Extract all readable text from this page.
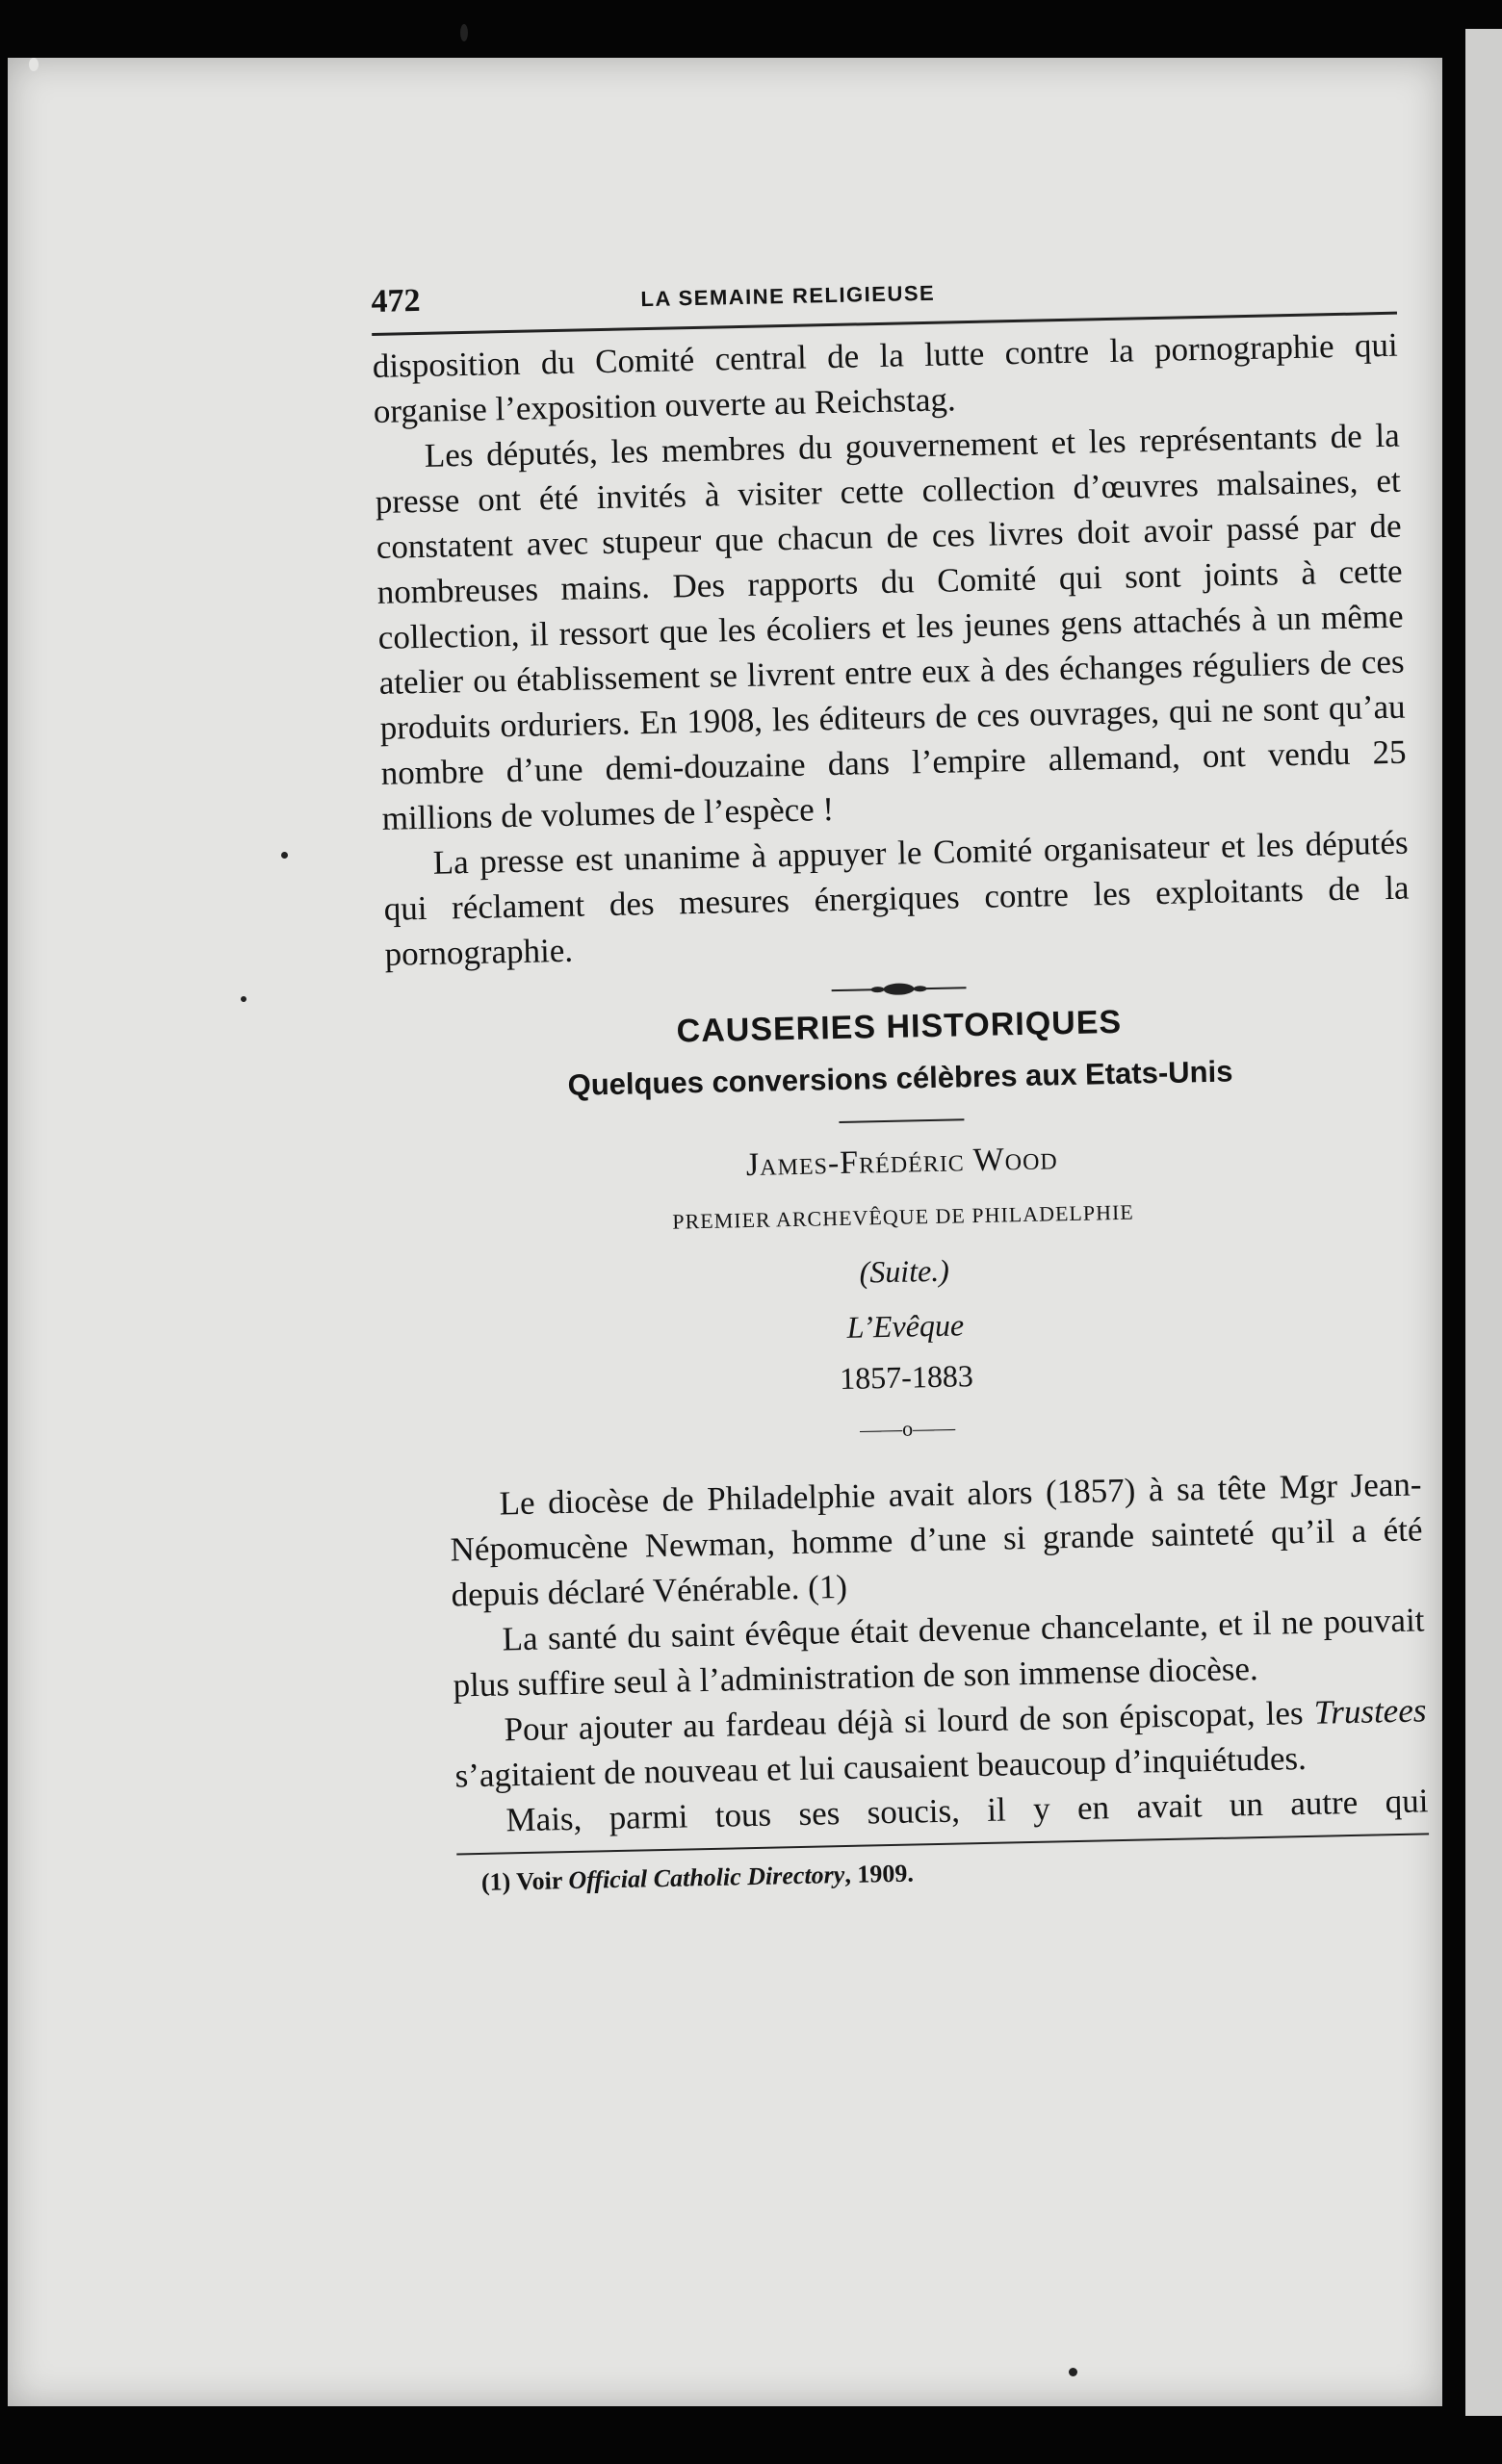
472	LA SEMAINE RELIGIEUSE

disposition du Comité central de la lutte contre la pornographie qui organise l’exposition ouverte au Reichstag.

Les députés, les membres du gouvernement et les représentants de la presse ont été invités à visiter cette collection d’œuvres malsaines, et constatent avec stupeur que chacun de ces livres doit avoir passé par de nombreuses mains. Des rapports du Comité qui sont joints à cette collection, il ressort que les écoliers et les jeunes gens attachés à un même atelier ou établissement se livrent entre eux à des échanges réguliers de ces produits orduriers. En 1908, les éditeurs de ces ouvrages, qui ne sont qu’au nombre d’une demi-douzaine dans l’empire allemand, ont vendu 25 millions de volumes de l’espèce !

La presse est unanime à appuyer le Comité organisateur et les députés qui réclament des mesures énergiques contre les exploitants de la pornographie.

CAUSERIES HISTORIQUES
Quelques conversions célèbres aux Etats-Unis
James-Frédéric Wood
PREMIER ARCHEVÊQUE DE PHILADELPHIE
(Suite.)
L’Evêque
1857-1883
——o——

Le diocèse de Philadelphie avait alors (1857) à sa tête Mgr Jean-Népomucène Newman, homme d’une si grande sainteté qu’il a été depuis déclaré Vénérable. (1)

La santé du saint évêque était devenue chancelante, et il ne pouvait plus suffire seul à l’administration de son immense diocèse.

Pour ajouter au fardeau déjà si lourd de son épiscopat, les Trustees s’agitaient de nouveau et lui causaient beaucoup d’inquiétudes.

Mais, parmi tous ses soucis, il y en avait un autre qui

(1) Voir Official Catholic Directory, 1909.
